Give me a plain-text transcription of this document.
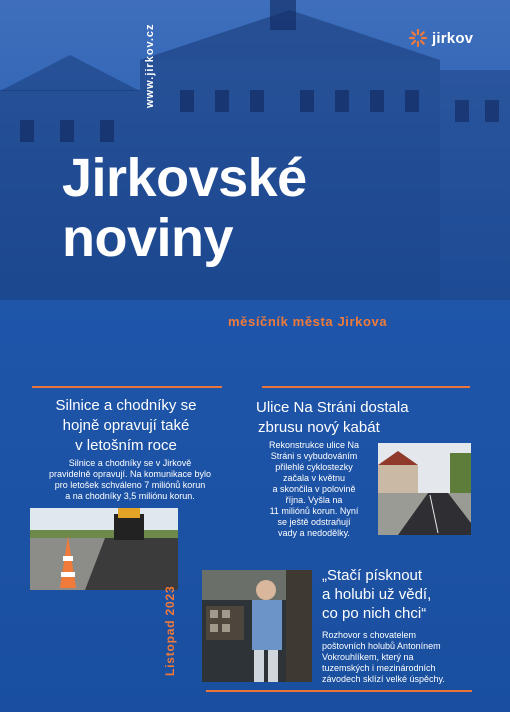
jirkov
www.jirkov.cz
Jirkovské
noviny
měsíčník města Jirkova
Silnice a chodníky se
hojně opravují také
v letošním roce
Silnice a chodníky se v Jirkově
pravidelně opravují. Na komunikace bylo
pro letošek schváleno 7 miliónů korun
a na chodníky 3,5 miliónu korun.
Ulice Na Stráni dostala
zbrusu nový kabát
Rekonstrukce ulice Na
Stráni s vybudováním
přilehlé cyklostezky
začala v květnu
a skončila v polovině
října. Vyšla na
11 miliónů korun. Nyní
se ještě odstraňují
vady a nedodělky.
Listopad 2023
„Stačí písknout
a holubi už vědí,
co po nich chci“
Rozhovor s chovatelem
poštovních holubů Antonínem
Vokrouhlíkem, který na
tuzemských i mezinárodních
závodech sklízí velké úspěchy.
